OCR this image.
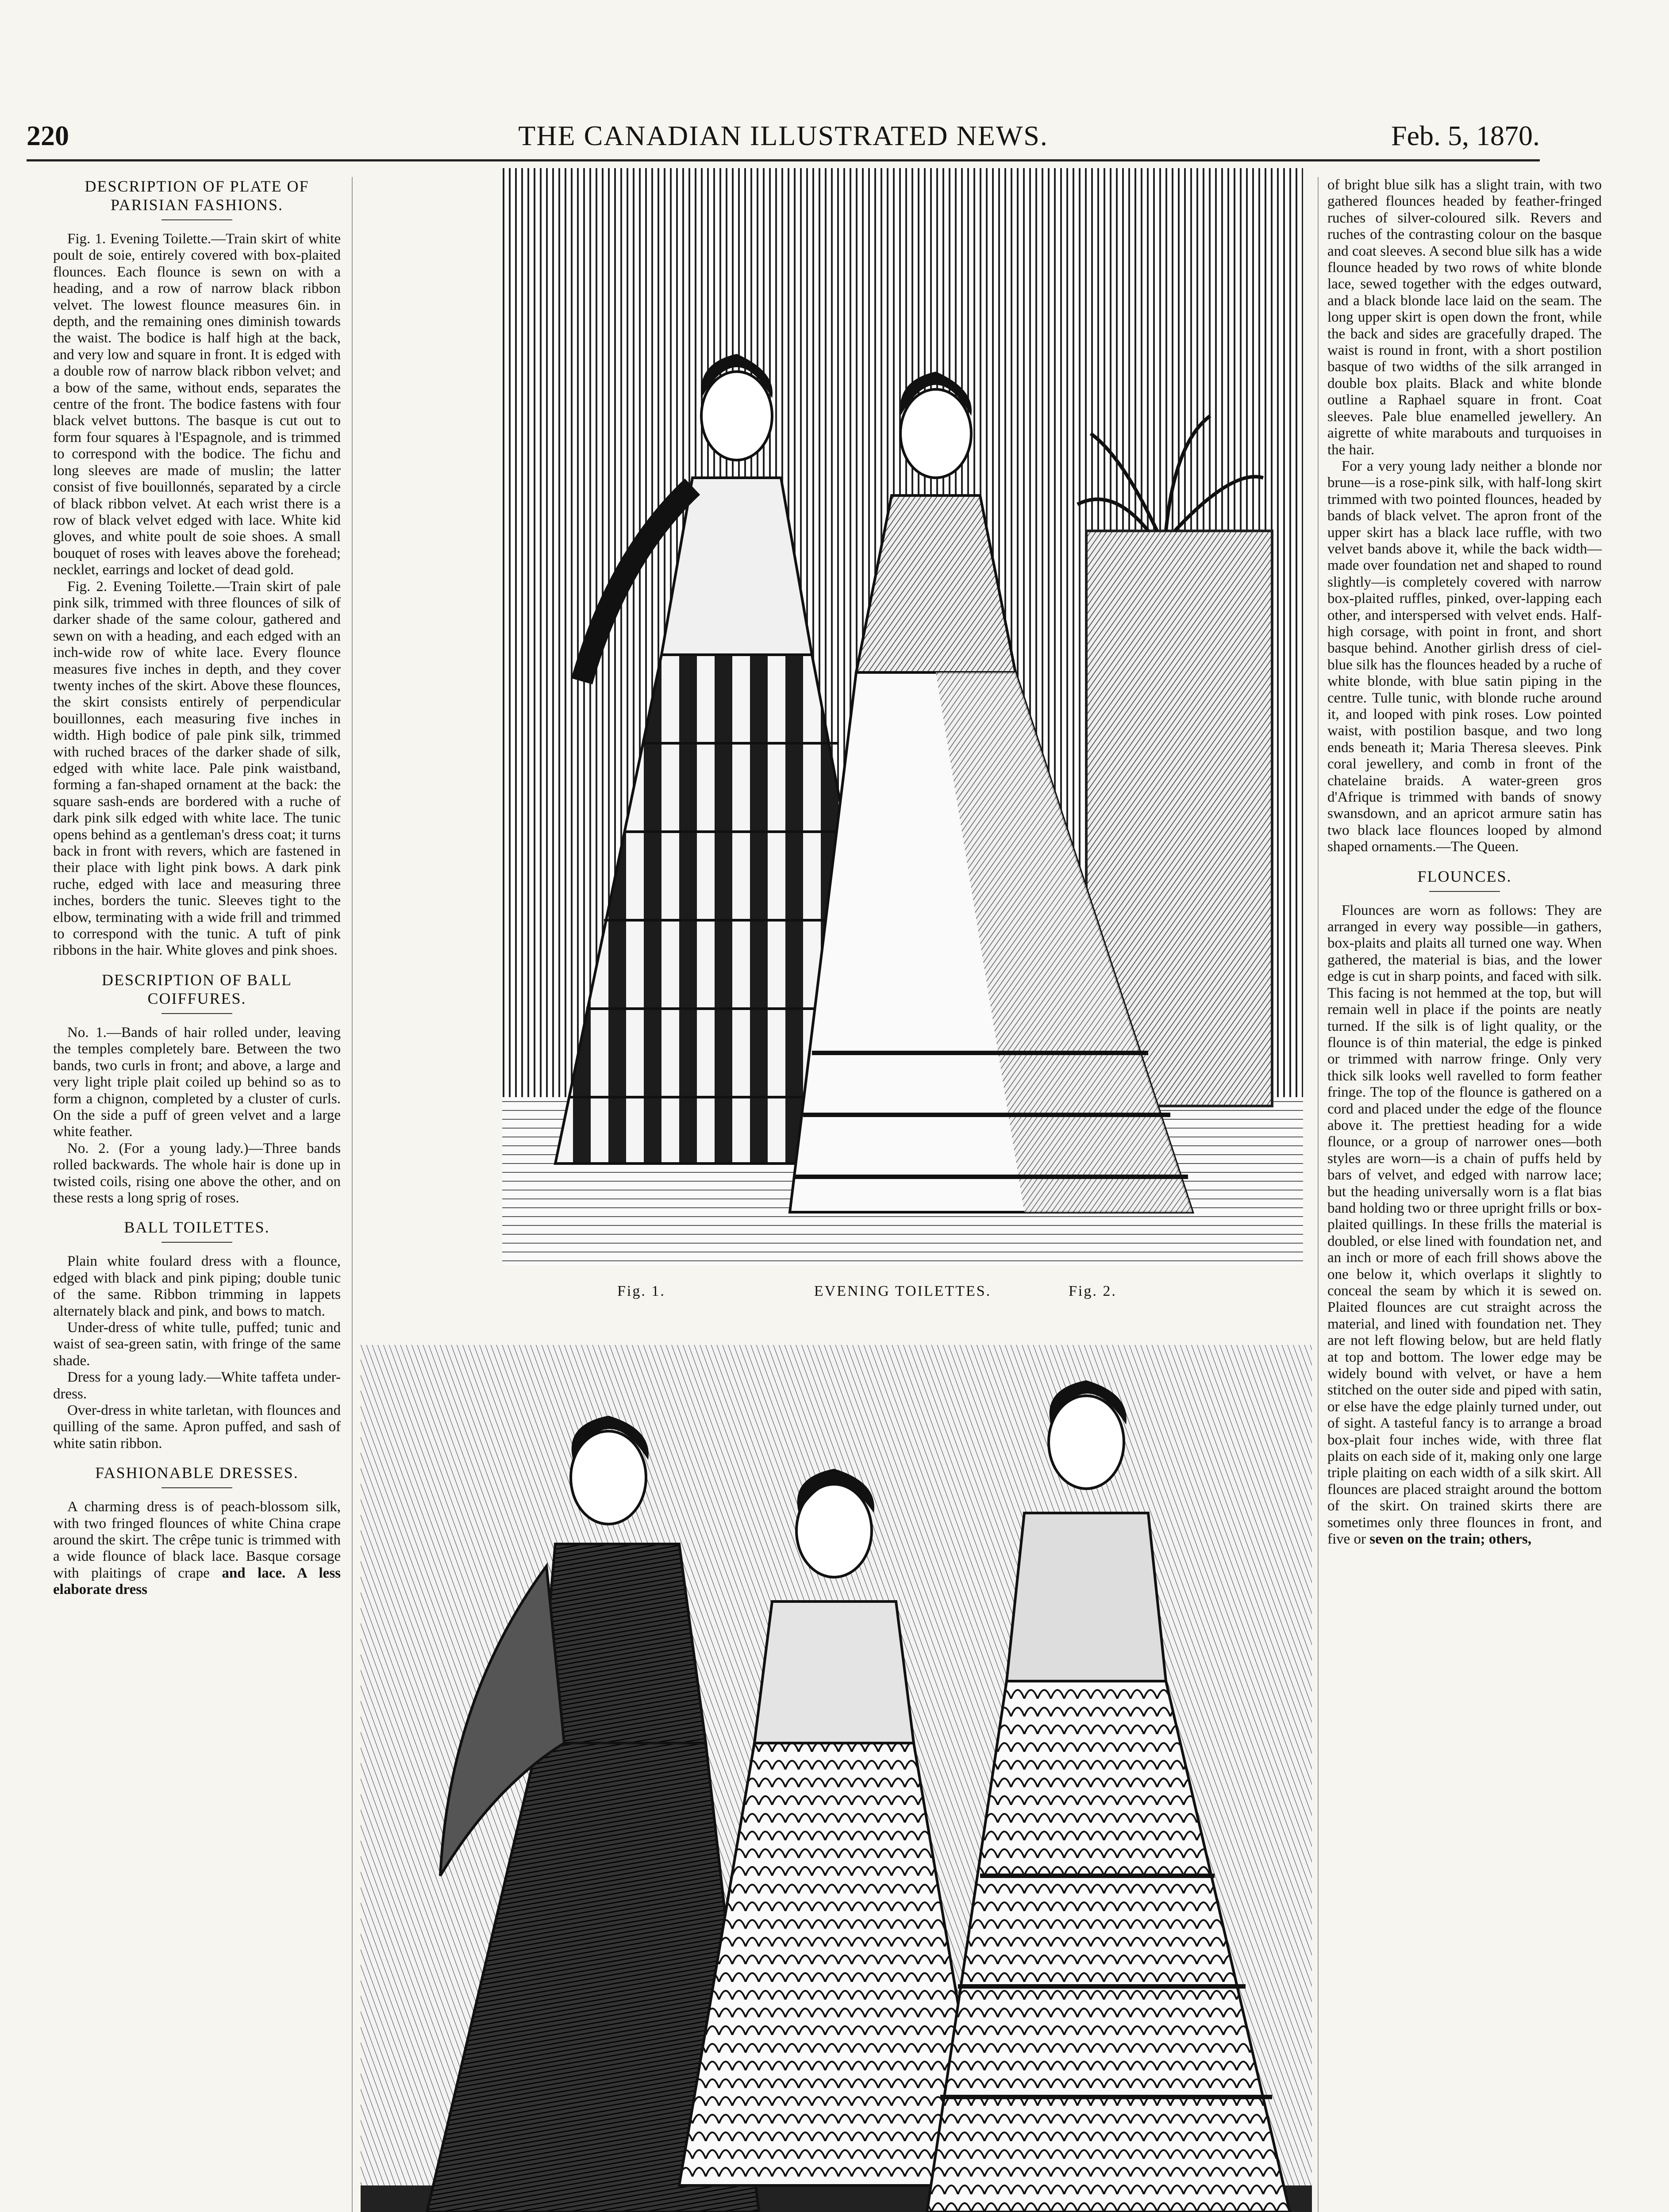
THE CANADIAN ILLUSTRATED NEWS.
220	Feb. 5, 1870.
DESCRIPTION OF PLATE OF PARISIAN FASHIONS.

Fig. 1. Evening Toilette.—Train skirt of white poult de soie, entirely covered with box-plaited flounces. Each flounce is sewn on with a heading, and a row of narrow black ribbon velvet. The lowest flounce measures 6in. in depth, and the remaining ones diminish towards the waist. The bodice is half high at the back, and very low and square in front. It is edged with a double row of narrow black ribbon velvet; and a bow of the same, without ends, separates the centre of the front. The bodice fastens with four black velvet buttons. The basque is cut out to form four squares à l'Espagnole, and is trimmed to correspond with the bodice. The fichu and long sleeves are made of muslin; the latter consist of five bouillonnés, separated by a circle of black ribbon velvet. At each wrist there is a row of black velvet edged with lace. White kid gloves, and white poult de soie shoes. A small bouquet of roses with leaves above the forehead; necklet, earrings and locket of dead gold.

Fig. 2. Evening Toilette.—Train skirt of pale pink silk, trimmed with three flounces of silk of darker shade of the same colour, gathered and sewn on with a heading, and each edged with an inch-wide row of white lace. Every flounce measures five inches in depth, and they cover twenty inches of the skirt. Above these flounces, the skirt consists entirely of perpendicular bouillonnes, each measuring five inches in width. High bodice of pale pink silk, trimmed with ruched braces of the darker shade of silk, edged with white lace. Pale pink waistband, forming a fan-shaped ornament at the back: the square sash-ends are bordered with a ruche of dark pink silk edged with white lace. The tunic opens behind as a gentleman's dress coat; it turns back in front with revers, which are fastened in their place with light pink bows. A dark pink ruche, edged with lace and measuring three inches, borders the tunic. Sleeves tight to the elbow, terminating with a wide frill and trimmed to correspond with the tunic. A tuft of pink ribbons in the hair. White gloves and pink shoes.

DESCRIPTION OF BALL COIFFURES.

No. 1.—Bands of hair rolled under, leaving the temples completely bare. Between the two bands, two curls in front; and above, a large and very light triple plait coiled up behind so as to form a chignon, completed by a cluster of curls. On the side a puff of green velvet and a large white feather.

No. 2. (For a young lady.)—Three bands rolled backwards. The whole hair is done up in twisted coils, rising one above the other, and on these rests a long sprig of roses.

BALL TOILETTES.

Plain white foulard dress with a flounce, edged with black and pink piping; double tunic of the same. Ribbon trimming in lappets alternately black and pink, and bows to match.

Under-dress of white tulle, puffed; tunic and waist of sea-green satin, with fringe of the same shade.

Dress for a young lady.—White taffeta under-dress.

Over-dress in white tarletan, with flounces and quilling of the same. Apron puffed, and sash of white satin ribbon.

FASHIONABLE DRESSES.

A charming dress is of peach-blossom silk, with two fringed flounces of white China crape around the skirt. The crêpe tunic is trimmed with a wide flounce of black lace. Basque corsage with plaitings of crape and lace. A less elaborate dress

Fig. 1.	EVENING TOILETTES.	Fig. 2.

of bright blue silk has a slight train, with two gathered flounces headed by feather-fringed ruches of silver-coloured silk. Revers and ruches of the contrasting colour on the basque and coat sleeves. A second blue silk has a wide flounce headed by two rows of white blonde lace, sewed together with the edges outward, and a black blonde lace laid on the seam. The long upper skirt is open down the front, while the back and sides are gracefully draped. The waist is round in front, with a short postilion basque of two widths of the silk arranged in double box plaits. Black and white blonde outline a Raphael square in front. Coat sleeves. Pale blue enamelled jewellery. An aigrette of white marabouts and turquoises in the hair.

For a very young lady neither a blonde nor brune—is a rose-pink silk, with half-long skirt trimmed with two pointed flounces, headed by bands of black velvet. The apron front of the upper skirt has a black lace ruffle, with two velvet bands above it, while the back width—made over foundation net and shaped to round slightly—is completely covered with narrow box-plaited ruffles, pinked, over-lapping each other, and interspersed with velvet ends. Half-high corsage, with point in front, and short basque behind. Another girlish dress of ciel-blue silk has the flounces headed by a ruche of white blonde, with blue satin piping in the centre. Tulle tunic, with blonde ruche around it, and looped with pink roses. Low pointed waist, with postilion basque, and two long ends beneath it; Maria Theresa sleeves. Pink coral jewellery, and comb in front of the chatelaine braids. A water-green gros d'Afrique is trimmed with bands of snowy swansdown, and an apricot armure satin has two black lace flounces looped by almond shaped ornaments.—The Queen.

FLOUNCES.

Flounces are worn as follows: They are arranged in every way possible—in gathers, box-plaits and plaits all turned one way. When gathered, the material is bias, and the lower edge is cut in sharp points, and faced with silk. This facing is not hemmed at the top, but will remain well in place if the points are neatly turned. If the silk is of light quality, or the flounce is of thin material, the edge is pinked or trimmed with narrow fringe. Only very thick silk looks well ravelled to form feather fringe. The top of the flounce is gathered on a cord and placed under the edge of the flounce above it. The prettiest heading for a wide flounce, or a group of narrower ones—both styles are worn—is a chain of puffs held by bars of velvet, and edged with narrow lace; but the heading universally worn is a flat bias band holding two or three upright frills or box-plaited quillings. In these frills the material is doubled, or else lined with foundation net, and an inch or more of each frill shows above the one below it, which overlaps it slightly to conceal the seam by which it is sewed on. Plaited flounces are cut straight across the material, and lined with foundation net. They are not left flowing below, but are held flatly at top and bottom. The lower edge may be widely bound with velvet, or have a hem stitched on the outer side and piped with satin, or else have the edge plainly turned under, out of sight. A tasteful fancy is to arrange a broad box-plait four inches wide, with three flat plaits on each side of it, making only one large triple plaiting on each width of a silk skirt. All flounces are placed straight around the bottom of the skirt. On trained skirts there are sometimes only three flounces in front, and five or seven on the train; others,
